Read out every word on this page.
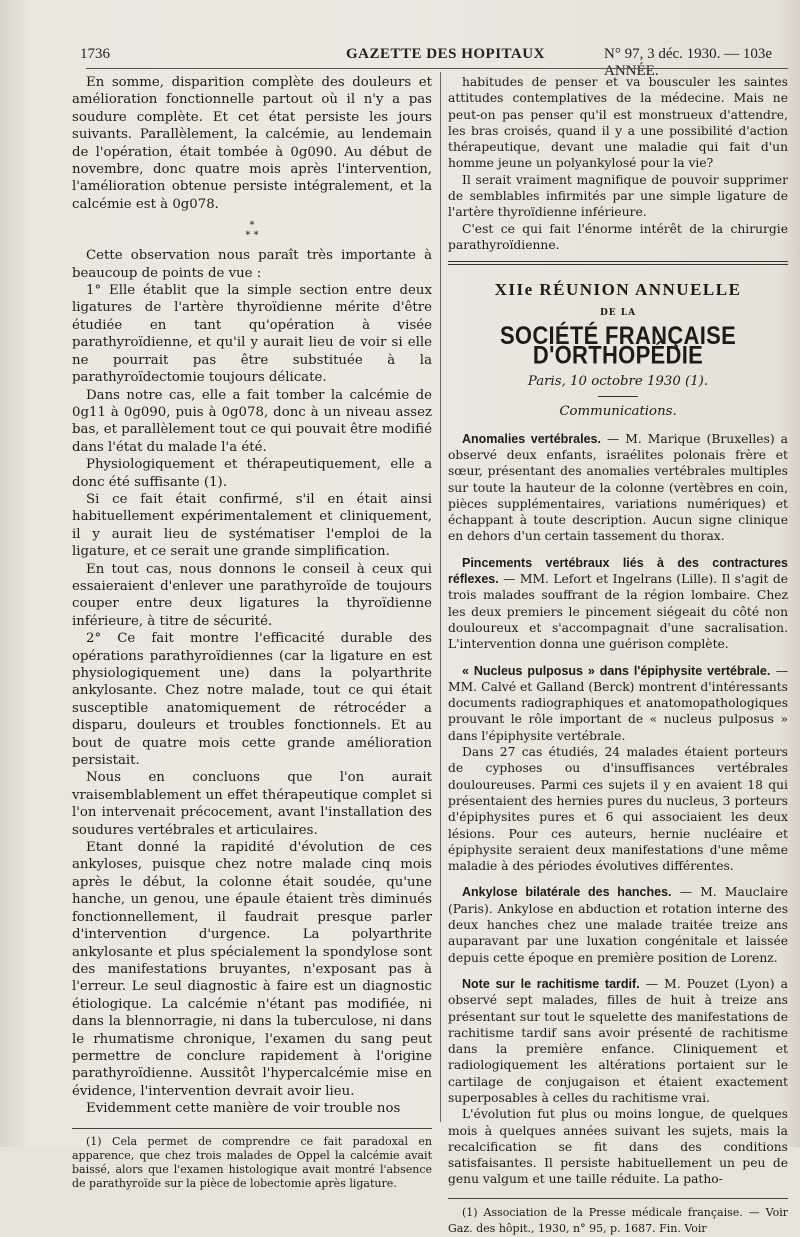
1736	GAZETTE DES HOPITAUX	N° 97, 3 déc. 1930. — 103e ANNÉE.

En somme, disparition complète des douleurs et amélioration fonctionnelle partout où il n'y a pas soudure complète. Et cet état persiste les jours suivants. Parallèlement, la calcémie, au lendemain de l'opération, était tombée à 0g090. Au début de novembre, donc quatre mois après l'intervention, l'amélioration obtenue persiste intégralement, et la calcémie est à 0g078.

*
* *

Cette observation nous paraît très importante à beaucoup de points de vue :

1° Elle établit que la simple section entre deux ligatures de l'artère thyroïdienne mérite d'être étudiée en tant qu'opération à visée parathyroïdienne, et qu'il y aurait lieu de voir si elle ne pourrait pas être substituée à la parathyroïdectomie toujours délicate.

Dans notre cas, elle a fait tomber la calcémie de 0g11 à 0g090, puis à 0g078, donc à un niveau assez bas, et parallèlement tout ce qui pouvait être modifié dans l'état du malade l'a été.

Physiologiquement et thérapeutiquement, elle a donc été suffisante (1).

Si ce fait était confirmé, s'il en était ainsi habituellement expérimentalement et cliniquement, il y aurait lieu de systématiser l'emploi de la ligature, et ce serait une grande simplification.

En tout cas, nous donnons le conseil à ceux qui essaieraient d'enlever une parathyroïde de toujours couper entre deux ligatures la thyroïdienne inférieure, à titre de sécurité.

2° Ce fait montre l'efficacité durable des opérations parathyroïdiennes (car la ligature en est physiologiquement une) dans la polyarthrite ankylosante. Chez notre malade, tout ce qui était susceptible anatomiquement de rétrocéder a disparu, douleurs et troubles fonctionnels. Et au bout de quatre mois cette grande amélioration persistait.

Nous en concluons que l'on aurait vraisemblablement un effet thérapeutique complet si l'on intervenait précocement, avant l'installation des soudures vertébrales et articulaires.

Etant donné la rapidité d'évolution de ces ankyloses, puisque chez notre malade cinq mois après le début, la colonne était soudée, qu'une hanche, un genou, une épaule étaient très diminués fonctionnellement, il faudrait presque parler d'intervention d'urgence. La polyarthrite ankylosante et plus spécialement la spondylose sont des manifestations bruyantes, n'exposant pas à l'erreur. Le seul diagnostic à faire est un diagnostic étiologique. La calcémie n'étant pas modifiée, ni dans la blennorragie, ni dans la tuberculose, ni dans le rhumatisme chronique, l'examen du sang peut permettre de conclure rapidement à l'origine parathyroïdienne. Aussitôt l'hypercalcémie mise en évidence, l'intervention devrait avoir lieu.

Evidemment cette manière de voir trouble nos

(1) Cela permet de comprendre ce fait paradoxal en apparence, que chez trois malades de Oppel la calcémie avait baissé, alors que l'examen histologique avait montré l'absence de parathyroïde sur la pièce de lobectomie après ligature.

habitudes de penser et va bousculer les saintes attitudes contemplatives de la médecine. Mais ne peut-on pas penser qu'il est monstrueux d'attendre, les bras croisés, quand il y a une possibilité d'action thérapeutique, devant une maladie qui fait d'un homme jeune un polyankylosé pour la vie?

Il serait vraiment magnifique de pouvoir supprimer de semblables infirmités par une simple ligature de l'artère thyroïdienne inférieure.

C'est ce qui fait l'énorme intérêt de la chirurgie parathyroïdienne.

XIIe RÉUNION ANNUELLE
DE LA
SOCIÉTÉ FRANÇAISE D'ORTHOPÉDIE
Paris, 10 octobre 1930 (1).
Communications.

Anomalies vertébrales. — M. Marique (Bruxelles) a observé deux enfants, israélites polonais frère et sœur, présentant des anomalies vertébrales multiples sur toute la hauteur de la colonne (vertèbres en coin, pièces supplémentaires, variations numériques) et échappant à toute description. Aucun signe clinique en dehors d'un certain tassement du thorax.

Pincements vertébraux liés à des contractures réflexes. — MM. Lefort et Ingelrans (Lille). Il s'agit de trois malades souffrant de la région lombaire. Chez les deux premiers le pincement siégeait du côté non douloureux et s'accompagnait d'une sacralisation. L'intervention donna une guérison complète.

« Nucleus pulposus » dans l'épiphysite vertébrale. — MM. Calvé et Galland (Berck) montrent d'intéressants documents radiographiques et anatomopathologiques prouvant le rôle important de « nucleus pulposus » dans l'épiphysite vertébrale.

Dans 27 cas étudiés, 24 malades étaient porteurs de cyphoses ou d'insuffisances vertébrales douloureuses. Parmi ces sujets il y en avaient 18 qui présentaient des hernies pures du nucleus, 3 porteurs d'épiphysites pures et 6 qui associaient les deux lésions. Pour ces auteurs, hernie nucléaire et épiphysite seraient deux manifestations d'une même maladie à des périodes évolutives différentes.

Ankylose bilatérale des hanches. — M. Mauclaire (Paris). Ankylose en abduction et rotation interne des deux hanches chez une malade traitée treize ans auparavant par une luxation congénitale et laissée depuis cette époque en première position de Lorenz.

Note sur le rachitisme tardif. — M. Pouzet (Lyon) a observé sept malades, filles de huit à treize ans présentant sur tout le squelette des manifestations de rachitisme tardif sans avoir présenté de rachitisme dans la première enfance. Cliniquement et radiologiquement les altérations portaient sur le cartilage de conjugaison et étaient exactement superposables à celles du rachitisme vrai.

L'évolution fut plus ou moins longue, de quelques mois à quelques années suivant les sujets, mais la recalcification se fit dans des conditions satisfaisantes. Il persiste habituellement un peu de genu valgum et une taille réduite. La patho-

(1) Association de la Presse médicale française. — Voir Gaz. des hôpit., 1930, n° 95, p. 1687. Fin. Voir
